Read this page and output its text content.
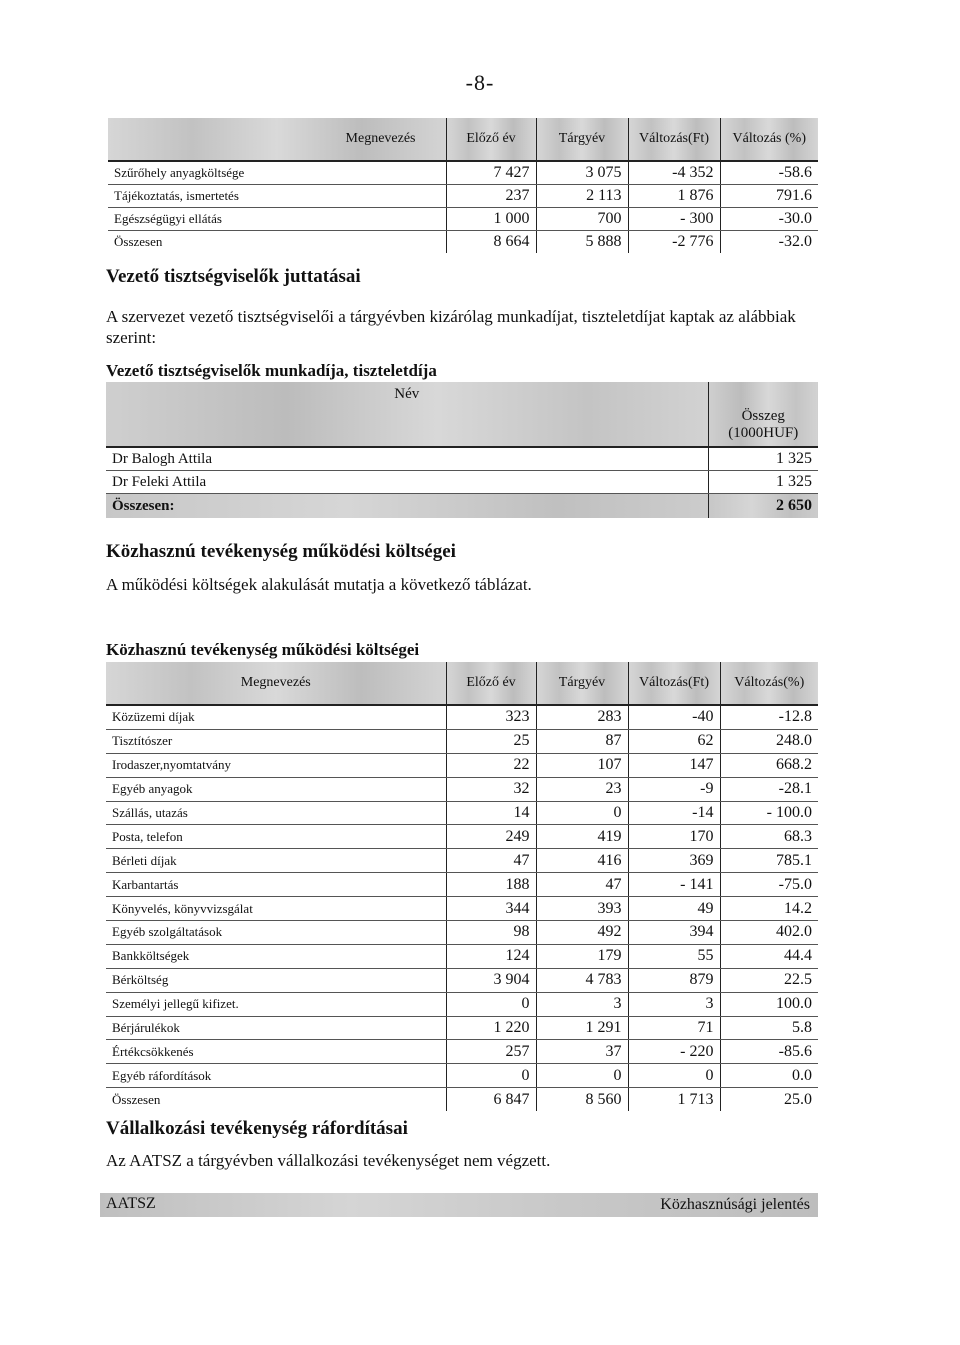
-8-
Megnevezés	Előző év	Tárgyév	Változás(Ft)	Változás (%)
Szűrőhely anyagköltsége	7 427	3 075	-4 352	-58.6
Tájékoztatás, ismertetés	237	2 113	1 876	791.6
Egészségügyi ellátás	1 000	700	- 300	-30.0
Összesen	8 664	5 888	-2 776	-32.0
Vezető tisztségviselők juttatásai

A szervezet vezető tisztségviselői a tárgyévben kizárólag munkadíjat, tiszteletdíjat kaptak az alábbiak szerint:

Vezető tisztségviselők munkadíja, tiszteletdíja
Név	Összeg (1000HUF)
Dr Balogh Attila	1 325
Dr Feleki Attila	1 325
Összesen:	2 650
Közhasznú tevékenység működési költségei

A működési költségek alakulását mutatja a következő táblázat.

Közhasznú tevékenység működési költségei
Megnevezés	Előző év	Tárgyév	Változás(Ft)	Változás(%)
Közüzemi díjak	323	283	-40	-12.8
Tisztítószer	25	87	62	248.0
Irodaszer,nyomtatvány	22	107	147	668.2
Egyéb anyagok	32	23	-9	-28.1
Szállás, utazás	14	0	-14	- 100.0
Posta, telefon	249	419	170	68.3
Bérleti díjak	47	416	369	785.1
Karbantartás	188	47	- 141	-75.0
Könyvelés, könyvvizsgálat	344	393	49	14.2
Egyéb szolgáltatások	98	492	394	402.0
Bankköltségek	124	179	55	44.4
Bérköltség	3 904	4 783	879	22.5
Személyi jellegű kifizet.	0	3	3	100.0
Bérjárulékok	1 220	1 291	71	5.8
Értékcsökkenés	257	37	- 220	-85.6
Egyéb ráfordítások	0	0	0	0.0
Összesen	6 847	8 560	1 713	25.0
Vállalkozási tevékenység ráfordításai

Az AATSZ a tárgyévben vállalkozási tevékenységet nem végzett.

AATSZ	Közhasznúsági jelentés
